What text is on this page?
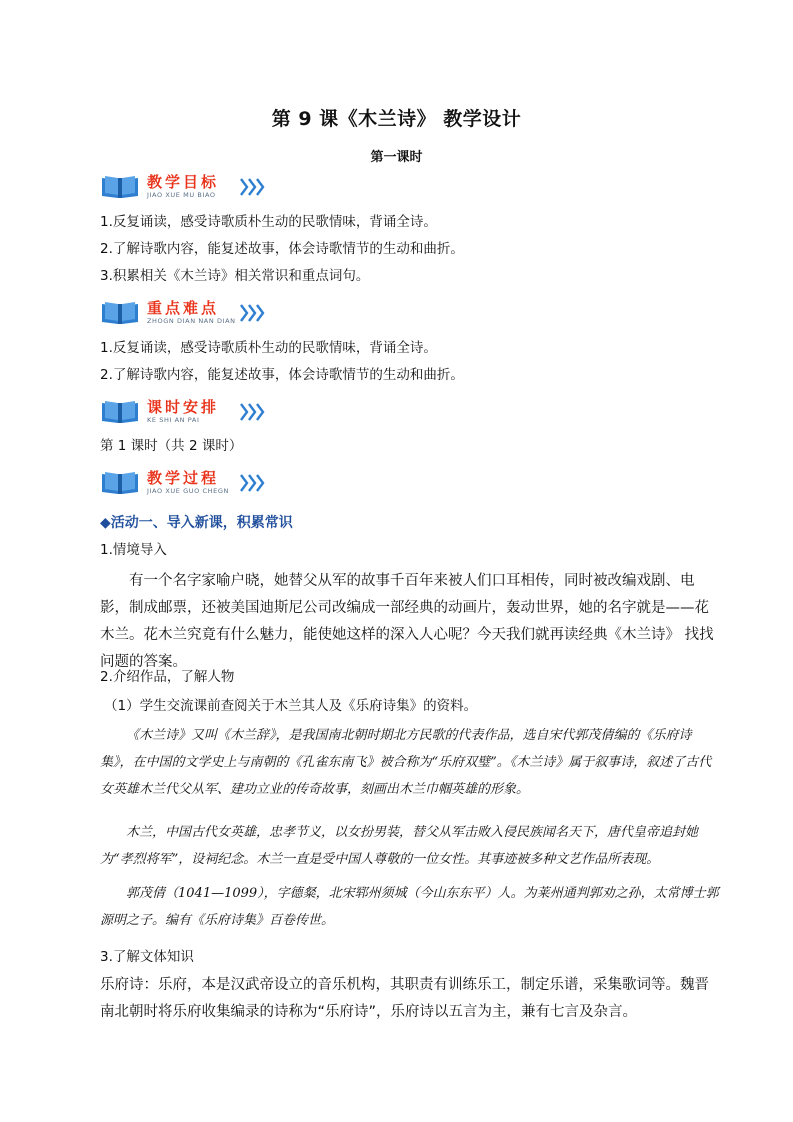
第 9 课《木兰诗》 教学设计
第一课时
教学目标
JIAO XUE MU BIAO
1.反复诵读，感受诗歌质朴生动的民歌情味，背诵全诗。
2.了解诗歌内容，能复述故事，体会诗歌情节的生动和曲折。
3.积累相关《木兰诗》相关常识和重点词句。
重点难点
ZHOGN DIAN NAN DIAN
1.反复诵读，感受诗歌质朴生动的民歌情味，背诵全诗。
2.了解诗歌内容，能复述故事，体会诗歌情节的生动和曲折。
课时安排
KE SHI AN PAI
第 1 课时（共 2 课时）
教学过程
JIAO XUE GUO CHEGN
◆活动一、导入新课，积累常识
1.情境导入
有一个名字家喻户晓，她替父从军的故事千百年来被人们口耳相传，同时被改编戏剧、电影，制成邮票，还被美国迪斯尼公司改编成一部经典的动画片，轰动世界，她的名字就是——花木兰。花木兰究竟有什么魅力，能使她这样的深入人心呢？今天我们就再读经典《木兰诗》 找找问题的答案。
2.介绍作品，了解人物
（1）学生交流课前查阅关于木兰其人及《乐府诗集》的资料。
《木兰诗》又叫《木兰辞》，是我国南北朝时期北方民歌的代表作品，选自宋代郭茂倩编的《乐府诗集》，在中国的文学史上与南朝的《孔雀东南飞》被合称为“乐府双璧”。《木兰诗》属于叙事诗，叙述了古代女英雄木兰代父从军、建功立业的传奇故事，刻画出木兰巾帼英雄的形象。
木兰，中国古代女英雄，忠孝节义，以女扮男装，替父从军击败入侵民族闻名天下，唐代皇帝追封她为“孝烈将军”，设祠纪念。木兰一直是受中国人尊敬的一位女性。其事迹被多种文艺作品所表现。
郭茂倩（1041—1099），字德粲，北宋郓州须城（今山东东平）人。为莱州通判郭劝之孙，太常博士郭源明之子。编有《乐府诗集》百卷传世。
3.了解文体知识
乐府诗：乐府，本是汉武帝设立的音乐机构，其职责有训练乐工，制定乐谱，采集歌词等。魏晋南北朝时将乐府收集编录的诗称为“乐府诗”，乐府诗以五言为主，兼有七言及杂言。
